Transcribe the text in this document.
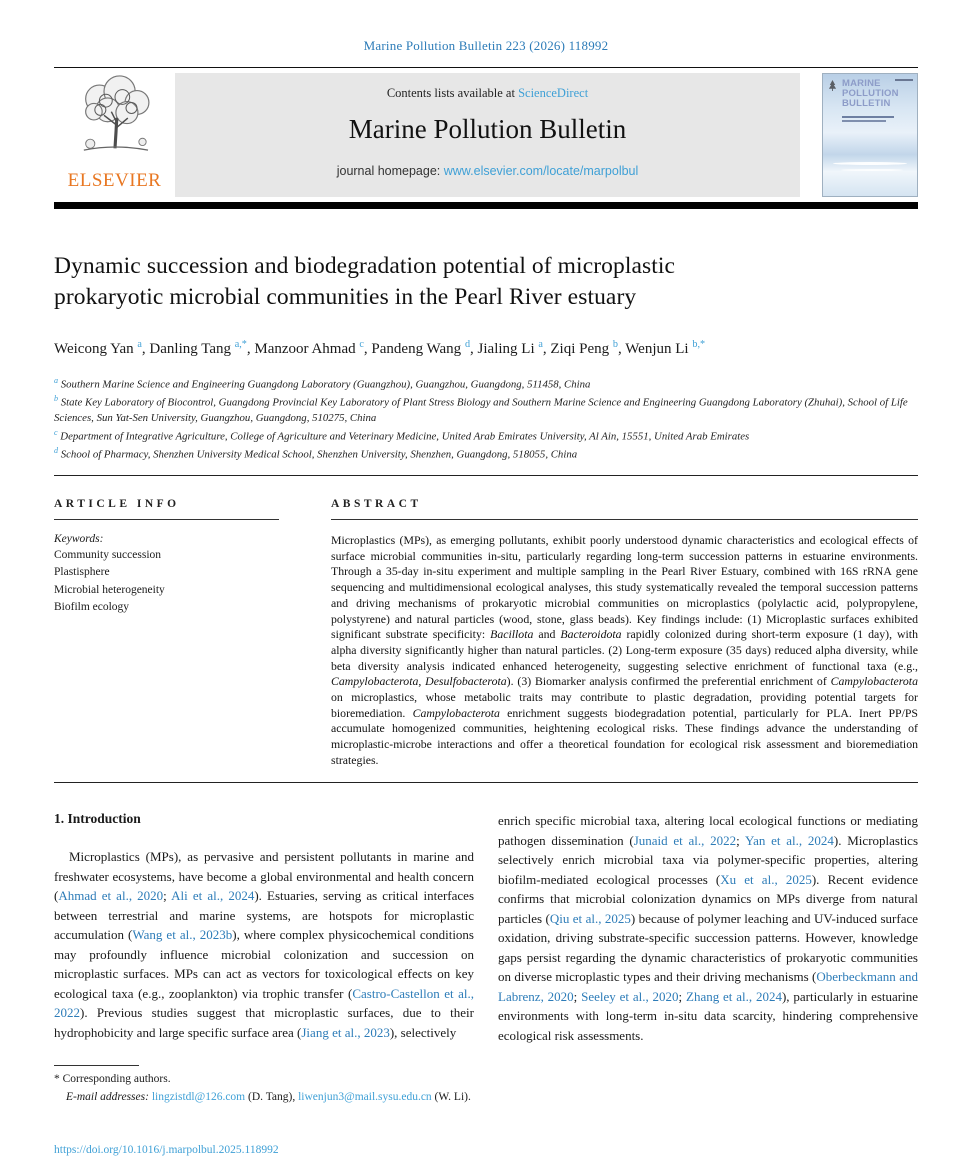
Marine Pollution Bulletin 223 (2026) 118992
ELSEVIER
Contents lists available at ScienceDirect
Marine Pollution Bulletin
journal homepage: www.elsevier.com/locate/marpolbul
MARINE
POLLUTION
BULLETIN
Dynamic succession and biodegradation potential of microplastic prokaryotic microbial communities in the Pearl River estuary
Weicong Yan $^a$, Danling Tang $^{a,*}$, Manzoor Ahmad $^c$, Pandeng Wang $^d$, Jialing Li $^a$, Ziqi Peng $^b$, Wenjun Li $^{b,*}$
$^a$ Southern Marine Science and Engineering Guangdong Laboratory (Guangzhou), Guangzhou, Guangdong, 511458, China
$^b$ State Key Laboratory of Biocontrol, Guangdong Provincial Key Laboratory of Plant Stress Biology and Southern Marine Science and Engineering Guangdong Laboratory (Zhuhai), School of Life Sciences, Sun Yat-Sen University, Guangzhou, Guangdong, 510275, China
$^c$ Department of Integrative Agriculture, College of Agriculture and Veterinary Medicine, United Arab Emirates University, Al Ain, 15551, United Arab Emirates
$^d$ School of Pharmacy, Shenzhen University Medical School, Shenzhen University, Shenzhen, Guangdong, 518055, China
ARTICLE INFO
Keywords:
Community succession
Plastisphere
Microbial heterogeneity
Biofilm ecology
ABSTRACT

Microplastics (MPs), as emerging pollutants, exhibit poorly understood dynamic characteristics and ecological effects of surface microbial communities in-situ, particularly regarding long-term succession patterns in estuarine environments. Through a 35-day in-situ experiment and multiple sampling in the Pearl River Estuary, combined with 16S rRNA gene sequencing and multidimensional ecological analyses, this study systematically revealed the temporal succession patterns and driving mechanisms of prokaryotic microbial communities on microplastics (polylactic acid, polypropylene, polystyrene) and natural particles (wood, stone, glass beads). Key findings include: (1) Microplastic surfaces exhibited significant substrate specificity: Bacillota and Bacteroidota rapidly colonized during short-term exposure (1 day), with alpha diversity significantly higher than natural particles. (2) Long-term exposure (35 days) reduced alpha diversity, while beta diversity analysis indicated enhanced heterogeneity, suggesting selective enrichment of functional taxa (e.g., Campylobacterota, Desulfobacterota). (3) Biomarker analysis confirmed the preferential enrichment of Campylobacterota on microplastics, whose metabolic traits may contribute to plastic degradation, providing potential targets for bioremediation. Campylobacterota enrichment suggests biodegradation potential, particularly for PLA. Inert PP/PS accumulate homogenized communities, heightening ecological risks. These findings advance the understanding of microplastic-microbe interactions and offer a theoretical foundation for ecological risk assessment and bioremediation strategies.

1. Introduction

Microplastics (MPs), as pervasive and persistent pollutants in marine and freshwater ecosystems, have become a global environmental and health concern (Ahmad et al., 2020; Ali et al., 2024). Estuaries, serving as critical interfaces between terrestrial and marine systems, are hotspots for microplastic accumulation (Wang et al., 2023b), where complex physicochemical conditions may profoundly influence microbial colonization and succession on microplastic surfaces. MPs can act as vectors for toxicological effects on key ecological taxa (e.g., zooplankton) via trophic transfer (Castro-Castellon et al., 2022). Previous studies suggest that microplastic surfaces, due to their hydrophobicity and large specific surface area (Jiang et al., 2023), selectively

enrich specific microbial taxa, altering local ecological functions or mediating pathogen dissemination (Junaid et al., 2022; Yan et al., 2024). Microplastics selectively enrich microbial taxa via polymer-specific properties, altering biofilm-mediated ecological processes (Xu et al., 2025). Recent evidence confirms that microbial colonization dynamics on MPs diverge from natural particles (Qiu et al., 2025) because of polymer leaching and UV-induced surface oxidation, driving substrate-specific succession patterns. However, knowledge gaps persist regarding the dynamic characteristics of prokaryotic communities on diverse microplastic types and their driving mechanisms (Oberbeckmann and Labrenz, 2020; Seeley et al., 2020; Zhang et al., 2024), particularly in estuarine environments with long-term in-situ data scarcity, hindering comprehensive ecological risk assessments.

* Corresponding authors.
E-mail addresses: lingzistdl@126.com (D. Tang), liwenjun3@mail.sysu.edu.cn (W. Li).
https://doi.org/10.1016/j.marpolbul.2025.118992
